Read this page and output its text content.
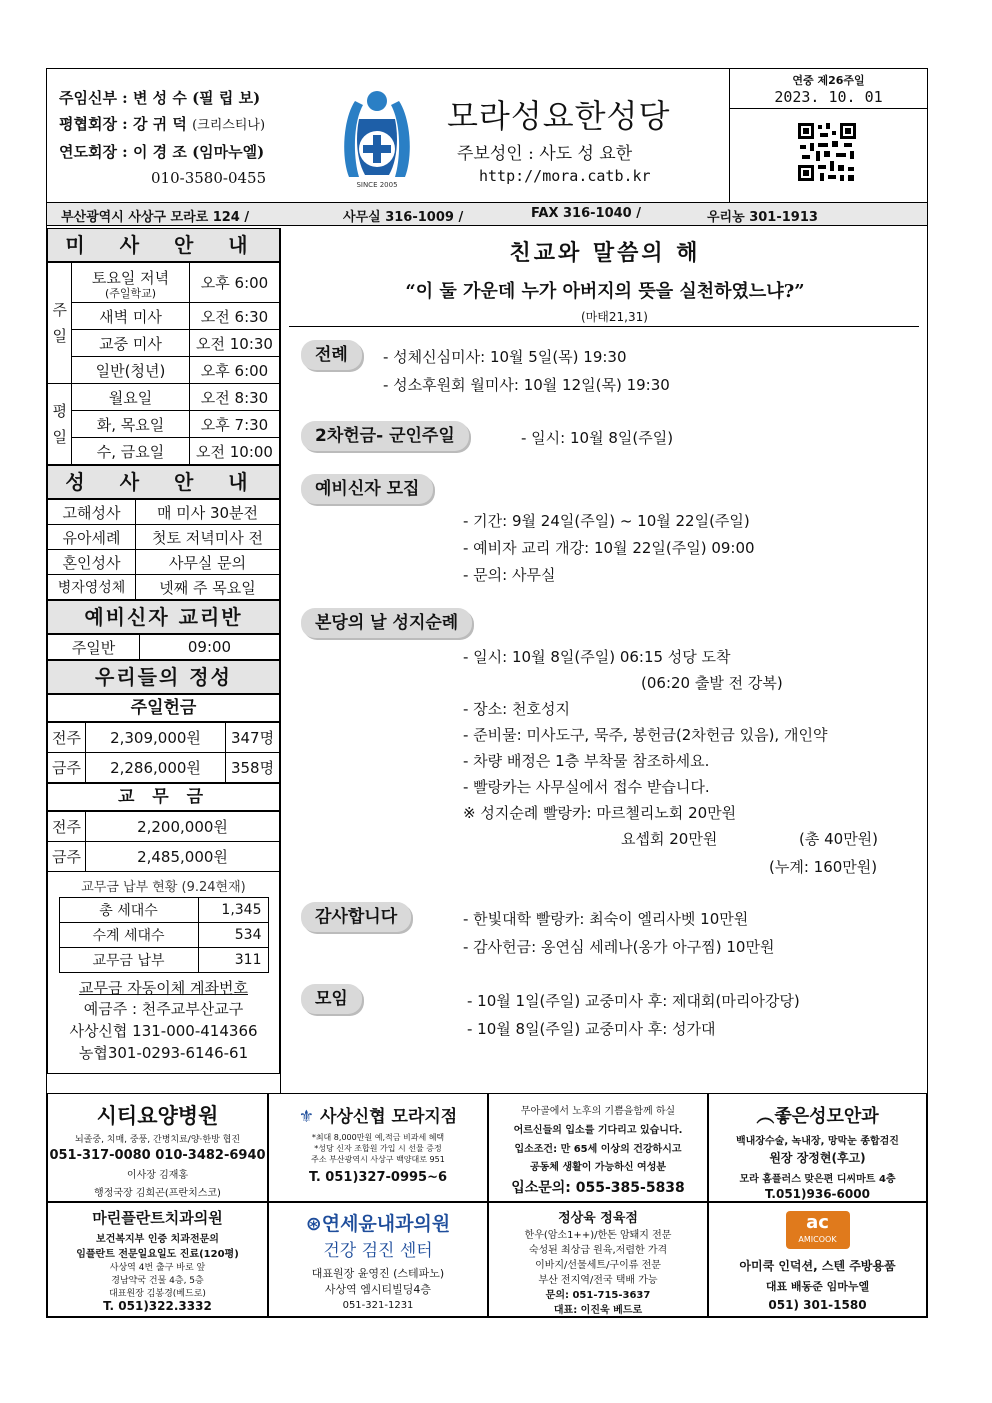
주임신부 : 변 성 수 (필 립 보)
평협회장 : 강 귀 덕 (크리스티나)
연도회장 : 이 경 조 (임마누엘)
010-3580-0455	SINCE 2005
모라성요한성당
주보성인 : 사도 성 요한
http://mora.catb.kr
연중 제26주일
2023. 10. 01
부산광역시 사상구 모라로 124 /	사무실 316-1009 /	FAX 316-1040 /	우리농 301-1913
미 사 안 내
주일	토요일 저녁
(주일학교)	오후 6:00
	새벽 미사	오전 6:30
	교중 미사	오전 10:30
	일반(청년)	오후 6:00
평일	월요일	오전 8:30
	화, 목요일	오후 7:30
	수, 금요일	오전 10:00
성 사 안 내
고해성사	매 미사 30분전
유아세례	첫토 저녁미사 전
혼인성사	사무실 문의
병자영성체	넷째 주 목요일
예비신자 교리반
주일반	09:00
우리들의 정성
주일헌금
전주	2,309,000원	347명
금주	2,286,000원	358명
교 무 금
전주	2,200,000원
금주	2,485,000원
교무금 납부 현황 (9.24현재)
총 세대수	1,345
수계 세대수	534
교무금 납부	311
교무금 자동이체 계좌번호
예금주 : 천주교부산교구
사상신협 131-000-414366
농협301-0293-6146-61
친교와 말씀의 해
“이 둘 가운데 누가 아버지의 뜻을 실천하였느냐?”
(마태21,31)
전례	- 성체신심미사: 10월 5일(목) 19:30
- 성소후원회 월미사: 10월 12일(목) 19:30
2차헌금- 군인주일	- 일시: 10월 8일(주일)
예비신자 모집
- 기간: 9월 24일(주일) ~ 10월 22일(주일)
- 예비자 교리 개강: 10월 22일(주일) 09:00
- 문의: 사무실
본당의 날 성지순례
- 일시: 10월 8일(주일) 06:15 성당 도착
(06:20 출발 전 강복)
- 장소: 천호성지
- 준비물: 미사도구, 묵주, 봉헌금(2차헌금 있음), 개인약
- 차량 배정은 1층 부착물 참조하세요.
- 빨랑카는 사무실에서 접수 받습니다.
※ 성지순례 빨랑카: 마르첼리노회 20만원
요셉회 20만원	(총 40만원)
(누계: 160만원)
감사합니다	- 한빛대학 빨랑카: 최숙이 엘리사벳 10만원
- 감사헌금: 옹연심 세레나(옹가 아구찜) 10만원
모임	- 10월 1일(주일) 교중미사 후: 제대회(마리아강당)
- 10월 8일(주일) 교중미사 후: 성가대
시티요양병원
뇌졸중, 치매, 중풍, 간병치료/양·한방 협진
051-317-0080 010-3482-6940
이사장 김재홍
행정국장 김희곤(프란치스코)
⚜ 사상신협 모라지점
*최대 8,000만원 예,적금 비과세 혜택
*성당 신자 조합원 가입 시 선물 증정
주소 부산광역시 사상구 백양대로 951
T. 051)327-0995~6
무아골에서 노후의 기쁨을함께 하실
어르신들의 입소를 기다리고 있습니다.
입소조건: 만 65세 이상의 건강하시고
공동체 생활이 가능하신 여성분
입소문의: 055-385-5838
︵좋은성모안과
백내장수술, 녹내장, 망막눈 종합검진
원장 장정현(후고)
모라 홈플러스 맞은편 디씨마트 4층
T.051)936-6000
마린플란트치과의원
보건복지부 인증 치과전문의
임플란트 전문일요일도 진료(120평)
사상역 4번 출구 바로 앞
경남약국 건물 4층, 5층
대표원장 김봉경(베드로)
T. 051)322.3332
⊛연세윤내과의원
건강 검진 센터
대표원장 윤영진 (스테파노)
사상역 엠시티빌딩4층
051-321-1231
정상육 정육점
한우(암소1++)/한돈 암돼지 전문
숙성된 최상급 원육,저렴한 가격
이바지/선물세트/구이류 전문
부산 전지역/전국 택배 가능
문의: 051-715-3637
대표: 이진욱 베드로
ac
AMICOOK
아미쿡 인덕션, 스텐 주방용품
대표 배동준 임마누엘
051) 301-1580
